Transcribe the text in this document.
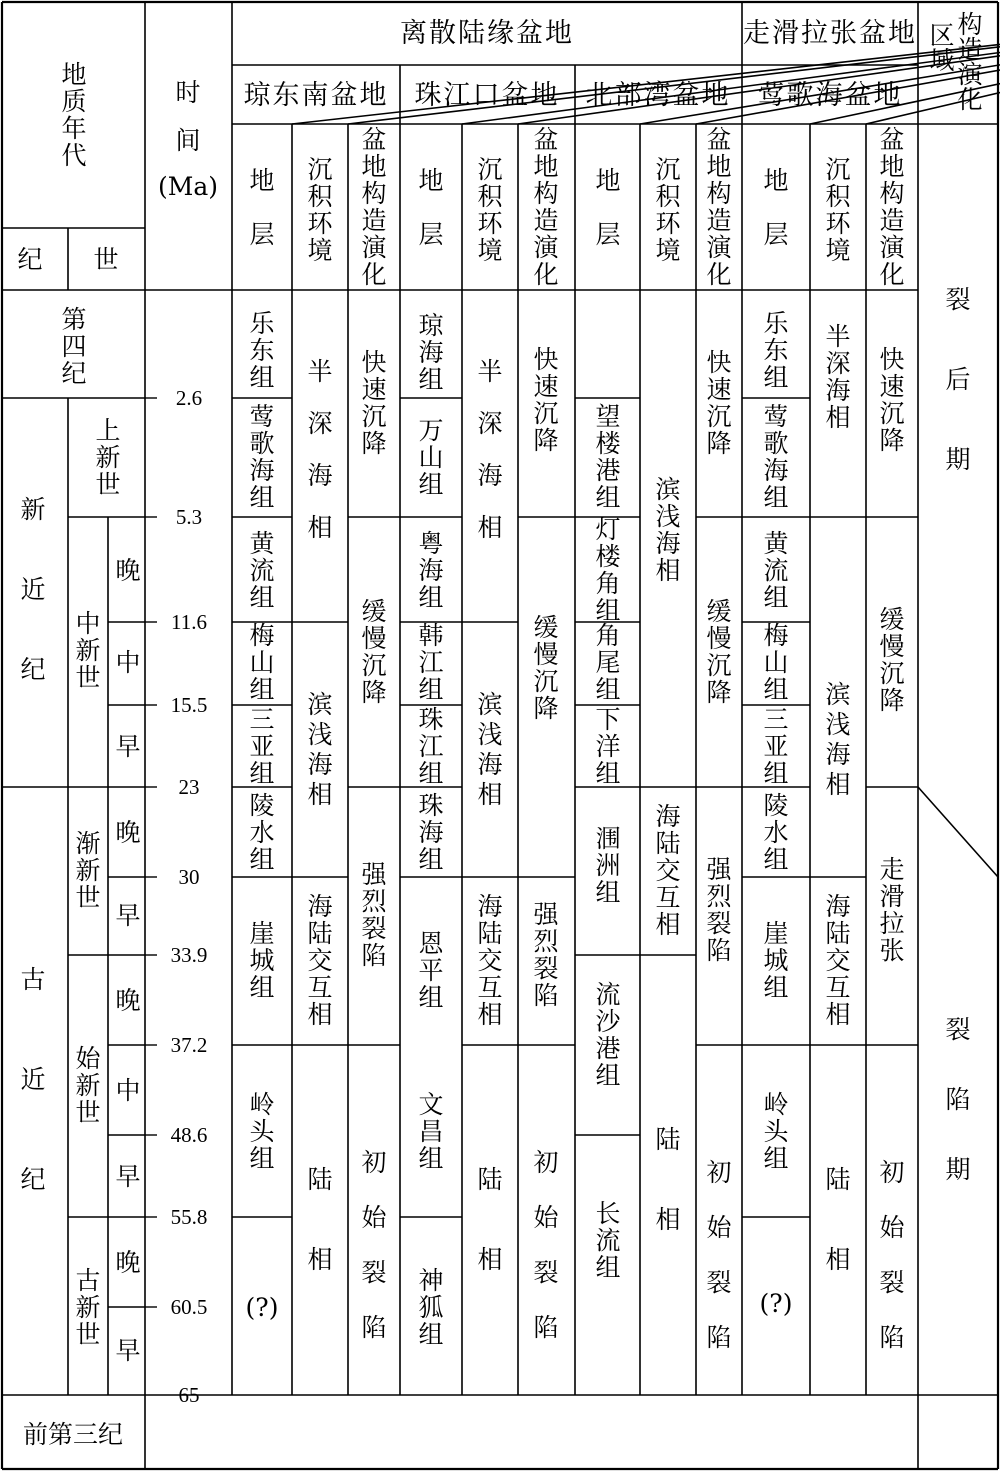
地
质
年
代
纪 世
时
间
(Ma)
离散陆缘盆地	走滑拉张盆地 区
域
构
造
演
化
琼东南盆地 珠江口盆地 北部湾盆地 莺歌海盆地
地
层
沉
积
环
境
盆
地
构
造
演
化
地
层
沉
积
环
境
盆
地
构
造
演
化
地
层
沉
积
环
境
盆
地
构
造
演
化
地
层
沉
积
环
境
盆
地
构
造
演
化
第
四
纪
新
近
纪
古
近
纪
前第三纪
上
新
世
中
新
世
渐
新
世
始
新
世
古
新
世
晚
中
早
晚
早
晚
中
早
晚
早
2.6
5.3
11.6
15.5
23
30
33.9
37.2
48.6
55.8
60.5
65
乐
东
组
莺
歌
海
组
黄
流
组
梅
山
组
三
亚
组
陵
水
组
崖
城
组
岭
头
组
(?)
半
深
海
相
滨
浅
海
相
海
陆
交
互
相
陆
相
快
速
沉
降
缓
慢
沉
降
强
烈
裂
陷
初
始
裂
陷
琼
海
组
万
山
组
粤
海
组
韩
江
组
珠
江
组
珠
海
组
恩
平
组
文
昌
组
神
狐
组
半
深
海
相
滨
浅
海
相
海
陆
交
互
相
陆
相
快
速
沉
降
缓
慢
沉
降
强
烈
裂
陷
初
始
裂
陷
望
楼
港
组
灯
楼
角
组
角
尾
组
下
洋
组
涠
洲
组
流
沙
港
组
长
流
组
滨
浅
海
相
海
陆
交
互
相
陆
相
快
速
沉
降
缓
慢
沉
降
强
烈
裂
陷
初
始
裂
陷
乐
东
组
莺
歌
海
组
黄
流
组
梅
山
组
三
亚
组
陵
水
组
崖
城
组
岭
头
组
(?)
半
深
海
相
滨
浅
海
相
海
陆
交
互
相
陆
相
快
速
沉
降
缓
慢
沉
降
走
滑
拉
张
初
始
裂
陷
裂
后
期
裂
陷
期
